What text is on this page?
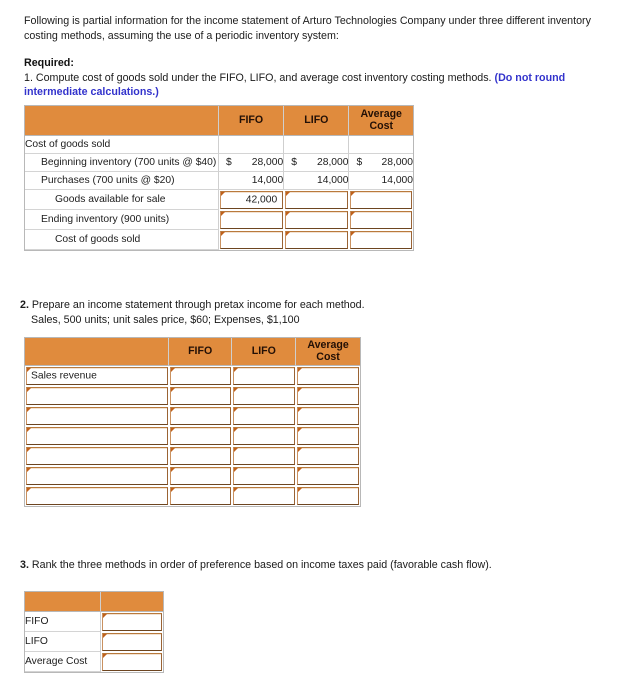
Following is partial information for the income statement of Arturo Technologies Company under three different inventory costing methods, assuming the use of a periodic inventory system:
Required:
1. Compute cost of goods sold under the FIFO, LIFO, and average cost inventory costing methods. (Do not round intermediate calculations.)
	FIFO	LIFO	Average
Cost

Cost of goods sold			
Beginning inventory (700 units @ $40)	$ 28,000	$ 28,000	$ 28,000
Purchases (700 units @ $20)	14,000	14,000	14,000
Goods available for sale	42,000		

Ending inventory (900 units)	

Cost of goods sold	

2. Prepare an income statement through pretax income for each method.
Sales, 500 units; unit sales price, $60; Expenses, $1,100
	FIFO	LIFO	Average
Cost

Sales revenue			

3. Rank the three methods in order of preference based on income taxes paid (favorable cash flow).

FIFO	

LIFO	

Average Cost	
